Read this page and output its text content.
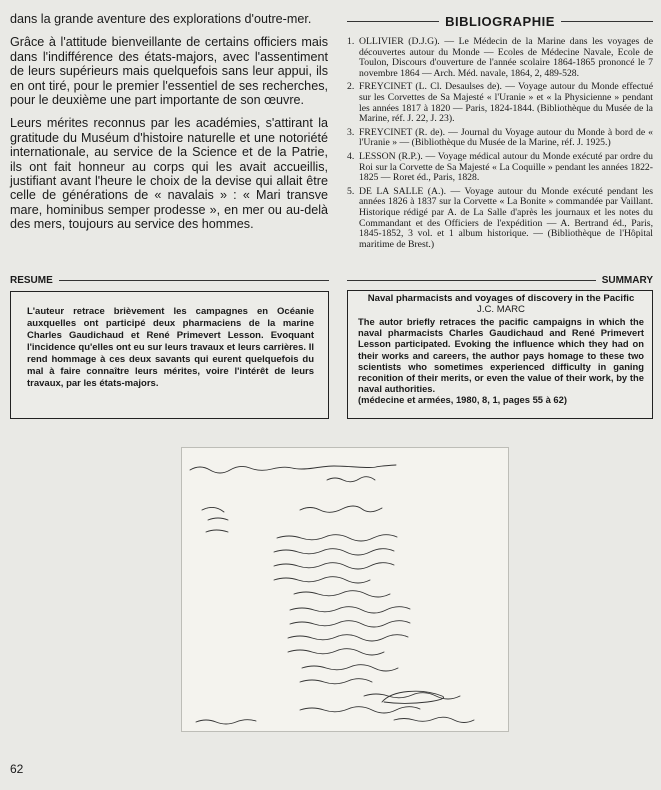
dans la grande aventure des explorations d'outre-mer.

Grâce à l'attitude bienveillante de certains officiers mais dans l'indifférence des états-majors, avec l'assentiment de leurs supérieurs mais quelquefois sans leur appui, ils en ont tiré, pour le premier l'essentiel de ses recherches, pour le deuxième une part importante de son œuvre.

Leurs mérites reconnus par les académies, s'attirant la gratitude du Muséum d'histoire naturelle et une notoriété internationale, au service de la Science et de la Patrie, ils ont fait honneur au corps qui les avait accueillis, justifiant avant l'heure le choix de la devise qui allait être celle de générations de « navalais » : « Mari transve mare, hominibus semper prodesse », en mer ou au-delà des mers, toujours au service des hommes.

BIBLIOGRAPHIE
1. OLLIVIER (D.J.G). — Le Médecin de la Marine dans les voyages de découvertes autour du Monde — Ecoles de Médecine Navale, Ecole de Toulon, Discours d'ouverture de l'année scolaire 1864-1865 prononcé le 7 novembre 1864 — Arch. Méd. navale, 1864, 2, 489-528.
2. FREYCINET (L. Cl. Desaulses de). — Voyage autour du Monde effectué sur les Corvettes de Sa Majesté « l'Uranie » et « la Physicienne » pendant les années 1817 à 1820 — Paris, 1824-1844. (Bibliothèque du Musée de la Marine, réf. J. 22, J. 23).
3. FREYCINET (R. de). — Journal du Voyage autour du Monde à bord de « l'Uranie » — (Bibliothèque du Musée de la Marine, réf. J. 1925.)
4. LESSON (R.P.). — Voyage médical autour du Monde exécuté par ordre du Roi sur la Corvette de Sa Majesté « La Coquille » pendant les années 1822-1825 — Roret éd., Paris, 1828.
5. DE LA SALLE (A.). — Voyage autour du Monde exécuté pendant les années 1826 à 1837 sur la Corvette « La Bonite » commandée par Vaillant. Historique rédigé par A. de La Salle d'après les journaux et les notes du Commandant et des Officiers de l'expédition — A. Bertrand éd., Paris, 1845-1852, 3 vol. et 1 album historique. — (Bibliothèque de l'Hôpital maritime de Brest.)
RESUME

L'auteur retrace brièvement les campagnes en Océanie auxquelles ont participé deux pharmaciens de la marine Charles Gaudichaud et René Primevert Lesson. Evoquant l'incidence qu'elles ont eu sur leurs travaux et leurs carrières. Il rend hommage à ces deux savants qui eurent quelquefois du mal à faire connaître leurs mérites, voire l'intérêt de leurs travaux, par les états-majors.

SUMMARY
Naval pharmacists and voyages of discovery in the Pacific
J.C. MARC

The autor briefly retraces the pacific campaigns in which the naval pharmacists Charles Gaudichaud and René Primevert Lesson participated. Evoking the influence which they had on their works and careers, the author pays homage to these two scientists who sometimes experienced difficulty in ganing reconition of their merits, or even the value of their work, by the naval authorities.

(médecine et armées, 1980, 8, 1, pages 55 à 62)

62
